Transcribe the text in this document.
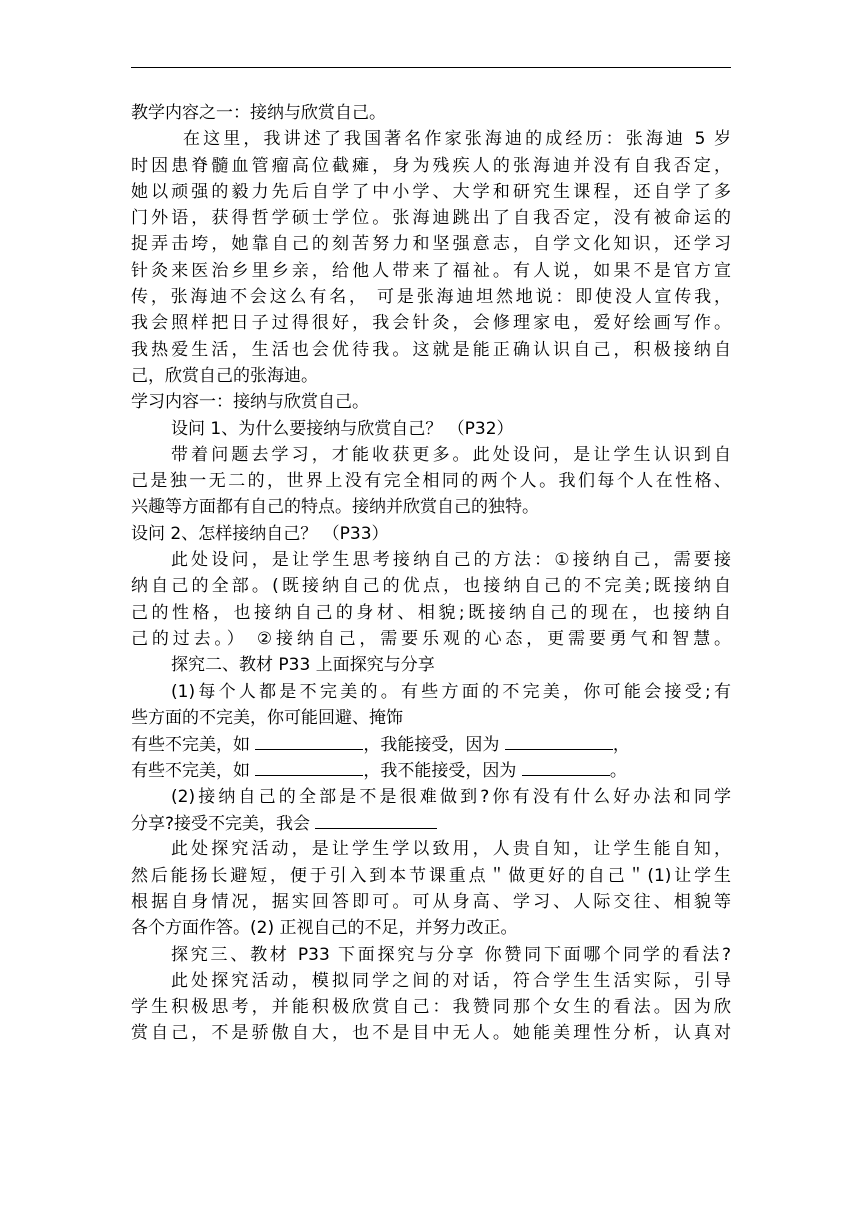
教学内容之一：接纳与欣赏自己。
在这里，我讲述了我国著名作家张海迪的成经历：张海迪 5 岁
时因患脊髓血管瘤高位截瘫，身为残疾人的张海迪并没有自我否定，
她以顽强的毅力先后自学了中小学、大学和研究生课程，还自学了多
门外语，获得哲学硕士学位。张海迪跳出了自我否定，没有被命运的
捉弄击垮，她靠自己的刻苦努力和坚强意志，自学文化知识，还学习
针灸来医治乡里乡亲，给他人带来了福祉。有人说，如果不是官方宣
传，张海迪不会这么有名， 可是张海迪坦然地说：即使没人宣传我，
我会照样把日子过得很好，我会针灸，会修理家电，爱好绘画写作。
我热爱生活，生活也会优待我。这就是能正确认识自己，积极接纳自
己，欣赏自己的张海迪。
学习内容一：接纳与欣赏自己。
设问 1、为什么要接纳与欣赏自己？ （P32）
带着问题去学习，才能收获更多。此处设问，是让学生认识到自
己是独一无二的，世界上没有完全相同的两个人。我们每个人在性格、
兴趣等方面都有自己的特点。接纳并欣赏自己的独特。
设问 2、怎样接纳自己？ （P33）
此处设问，是让学生思考接纳自己的方法：①接纳自己，需要接
纳自己的全部。(既接纳自己的优点，也接纳自己的不完美;既接纳自
己的性格，也接纳自己的身材、相貌;既接纳自己的现在，也接纳自
己的过去。） ②接纳自己，需要乐观的心态，更需要勇气和智慧。
探究二、教材 P33 上面探究与分享
(1)每个人都是不完美的。有些方面的不完美，你可能会接受;有
些方面的不完美，你可能回避、掩饰
有些不完美，如	，我能接受，因为	，
有些不完美，如	，我不能接受，因为	。
(2)接纳自己的全部是不是很难做到?你有没有什么好办法和同学
分享?接受不完美，我会
此处探究活动，是让学生学以致用，人贵自知，让学生能自知，
然后能扬长避短，便于引入到本节课重点＂做更好的自己＂(1)让学生
根据自身情况，据实回答即可。可从身高、学习、人际交往、相貌等
各个方面作答。(2) 正视自己的不足，并努力改正。
探究三、教材 P33 下面探究与分享 你赞同下面哪个同学的看法?
此处探究活动，模拟同学之间的对话，符合学生生活实际，引导
学生积极思考，并能积极欣赏自己：我赞同那个女生的看法。因为欣
赏自己，不是骄傲自大，也不是目中无人。她能美理性分析，认真对
